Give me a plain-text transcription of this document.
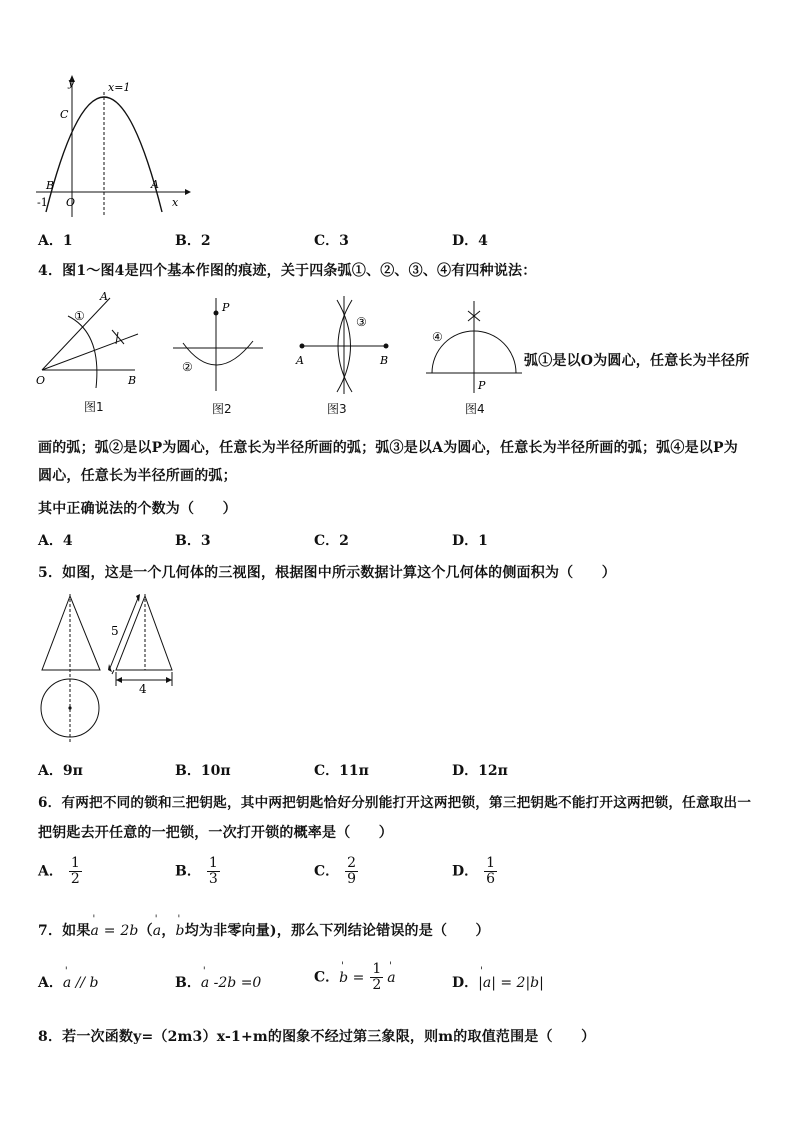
y	x=1
C
B	A
-1 O	x
A．1	B．2	C．3	D．4
4．图1～图4是四个基本作图的痕迹，关于四条弧①、②、③、④有四种说法：
A
①
O	B
图1
P
②
图2
③
A	B
图3
④
P
图4
弧①是以O为圆心，任意长为半径所
画的弧；弧②是以P为圆心，任意长为半径所画的弧；弧③是以A为圆心，任意长为半径所画的弧；弧④是以P为
圆心，任意长为半径所画的弧；
其中正确说法的个数为（　　）
A．4	B．3	C．2	D．1
5．如图，这是一个几何体的三视图，根据图中所示数据计算这个几何体的侧面积为（　　）
5
4
A．9π	B．10π	C．11π	D．12π
6．有两把不同的锁和三把钥匙，其中两把钥匙恰好分别能打开这两把锁，第三把钥匙不能打开这两把锁，任意取出一
把钥匙去开任意的一把锁，一次打开锁的概率是（　　）
A． $\frac{1}{2}$	B． $\frac{1}{3}$	C． $\frac{2}{9}$	D． $\frac{1}{6}$
7．如果' a = 2b（' a，' b均为非零向量)，那么下列结论错误的是（　　）
A．' a // b	B．' a -2b =0	C．' $b = \frac{1}{2}$
' a	D．' |a| = 2|b|
8．若一次函数y=（2m3）x-1+m的图象不经过第三象限，则m的取值范围是（　　）
